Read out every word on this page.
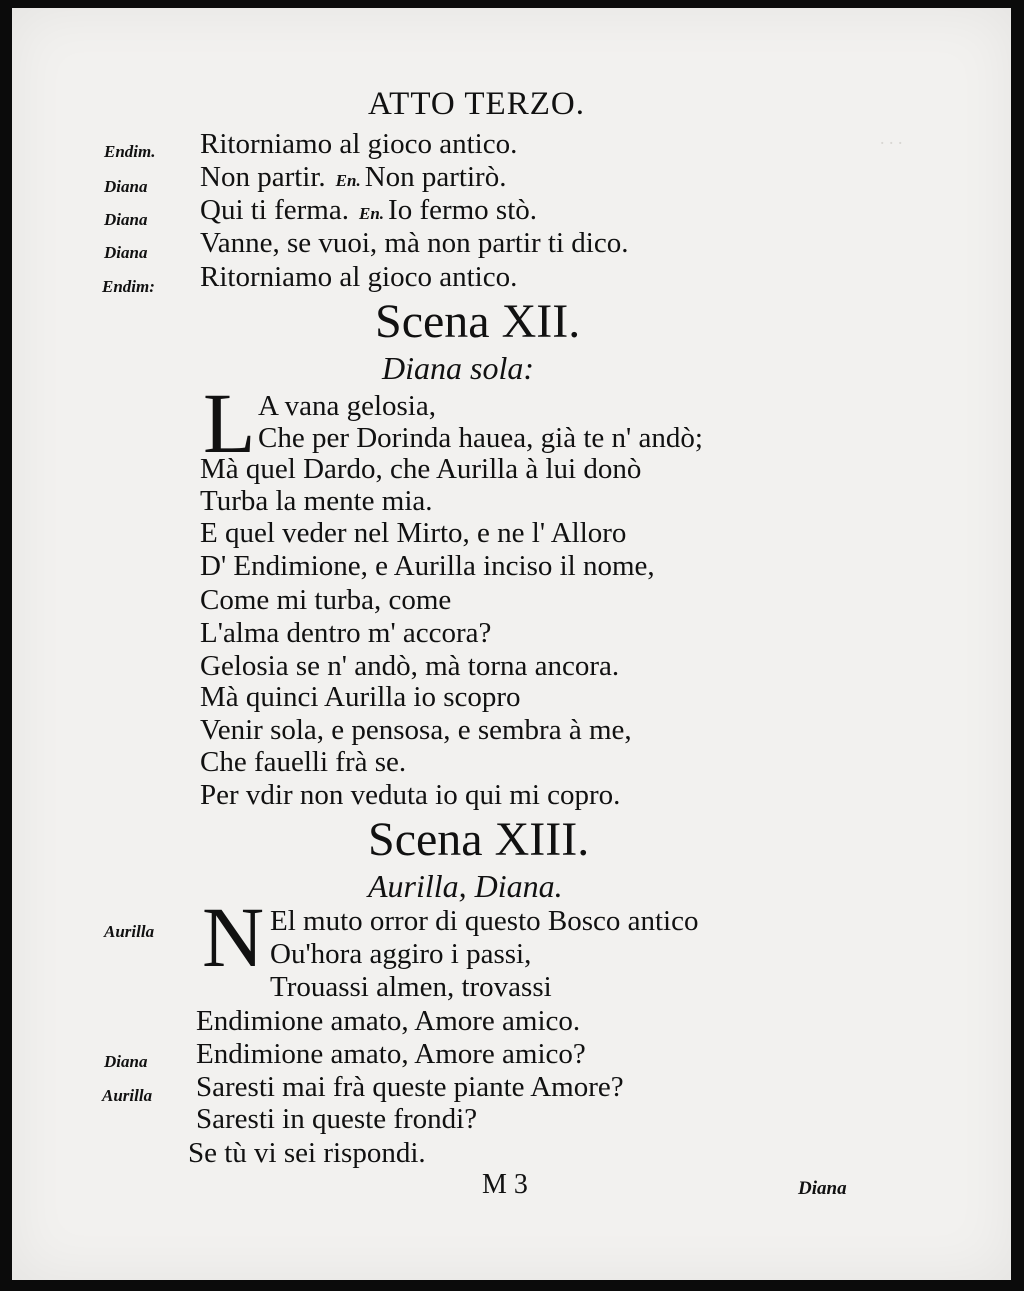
. . .
ATTO TERZO.
Endim. Ritorniamo al gioco antico.
Diana Non partir. En. Non partirò.
Diana Qui ti ferma. En. Io fermo stò.
Diana Vanne, se vuoi, mà non partir ti dico.
Endim: Ritorniamo al gioco antico.
Scena XII.
Diana sola:
L A vana gelosia,
Che per Dorinda hauea, già te n' andò;
Mà quel Dardo, che Aurilla à lui donò
Turba la mente mia.
E quel veder nel Mirto, e ne l' Alloro
D' Endimione, e Aurilla inciso il nome,
Come mi turba, come
L'alma dentro m' accora?
Gelosia se n' andò, mà torna ancora.
Mà quinci Aurilla io scopro
Venir sola, e pensosa, e sembra à me,
Che fauelli frà se.
Per vdir non veduta io qui mi copro.
Scena XIII.
Aurilla, Diana.
Aurilla N El muto orror di questo Bosco antico
Ou'hora aggiro i passi,
Trouassi almen, trovassi
Endimione amato, Amore amico.
Diana Endimione amato, Amore amico?
Aurilla Saresti mai frà queste piante Amore?
Saresti in queste frondi?
Se tù vi sei rispondi.
M 3	Diana
